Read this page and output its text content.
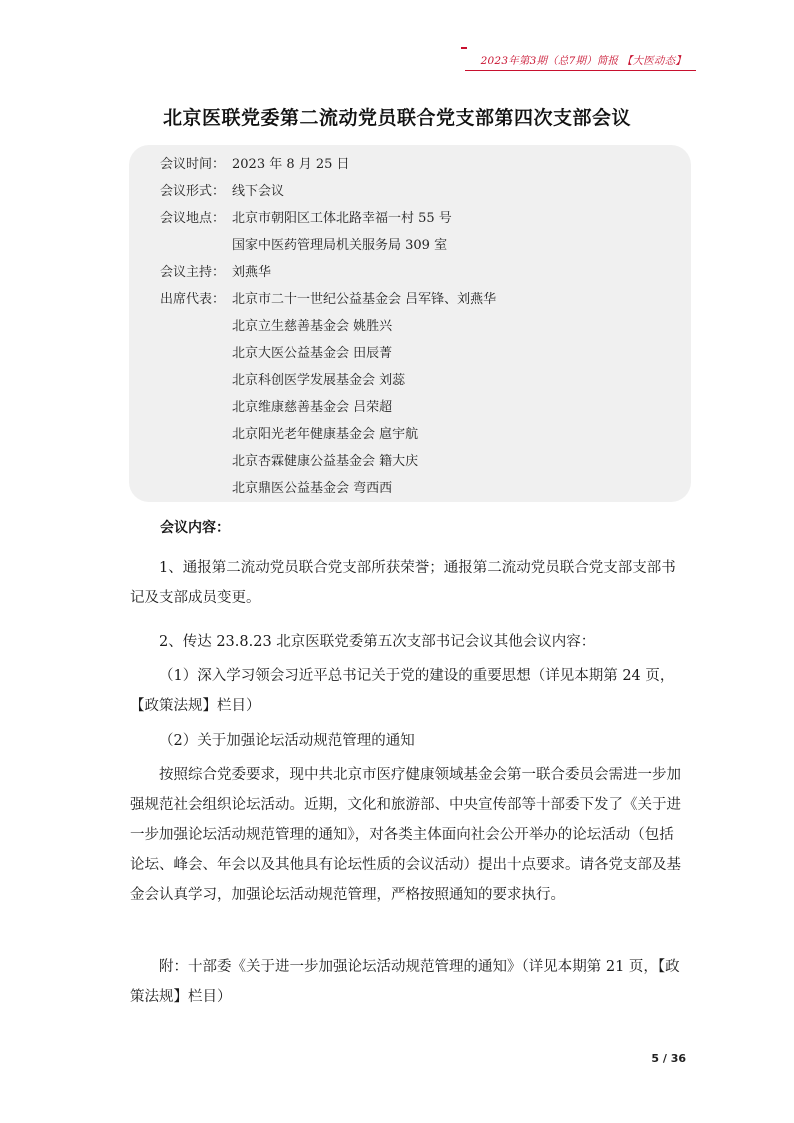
2023年第3期（总7期）简报 【大医动态】
北京医联党委第二流动党员联合党支部第四次支部会议
会议时间： 2023 年 8 月 25 日
会议形式： 线下会议
会议地点： 北京市朝阳区工体北路幸福一村 55 号
国家中医药管理局机关服务局 309 室
会议主持： 刘燕华
出席代表： 北京市二十一世纪公益基金会 吕军锋、刘燕华
北京立生慈善基金会 姚胜兴
北京大医公益基金会 田辰菁
北京科创医学发展基金会 刘蕊
北京维康慈善基金会 吕荣超
北京阳光老年健康基金会 扈宇航
北京杏霖健康公益基金会 籍大庆
北京鼎医公益基金会 弯西西
会议内容：
1、通报第二流动党员联合党支部所获荣誉；通报第二流动党员联合党支部支部书记及支部成员变更。
2、传达 23.8.23 北京医联党委第五次支部书记会议其他会议内容：
（1）深入学习领会习近平总书记关于党的建设的重要思想（详见本期第 24 页，【政策法规】栏目）
（2）关于加强论坛活动规范管理的通知
按照综合党委要求，现中共北京市医疗健康领域基金会第一联合委员会需进一步加强规范社会组织论坛活动。近期，文化和旅游部、中央宣传部等十部委下发了《关于进一步加强论坛活动规范管理的通知》，对各类主体面向社会公开举办的论坛活动（包括论坛、峰会、年会以及其他具有论坛性质的会议活动）提出十点要求。请各党支部及基金会认真学习，加强论坛活动规范管理，严格按照通知的要求执行。
附：十部委《关于进一步加强论坛活动规范管理的通知》（详见本期第 21 页，【政策法规】栏目）
5 / 36
